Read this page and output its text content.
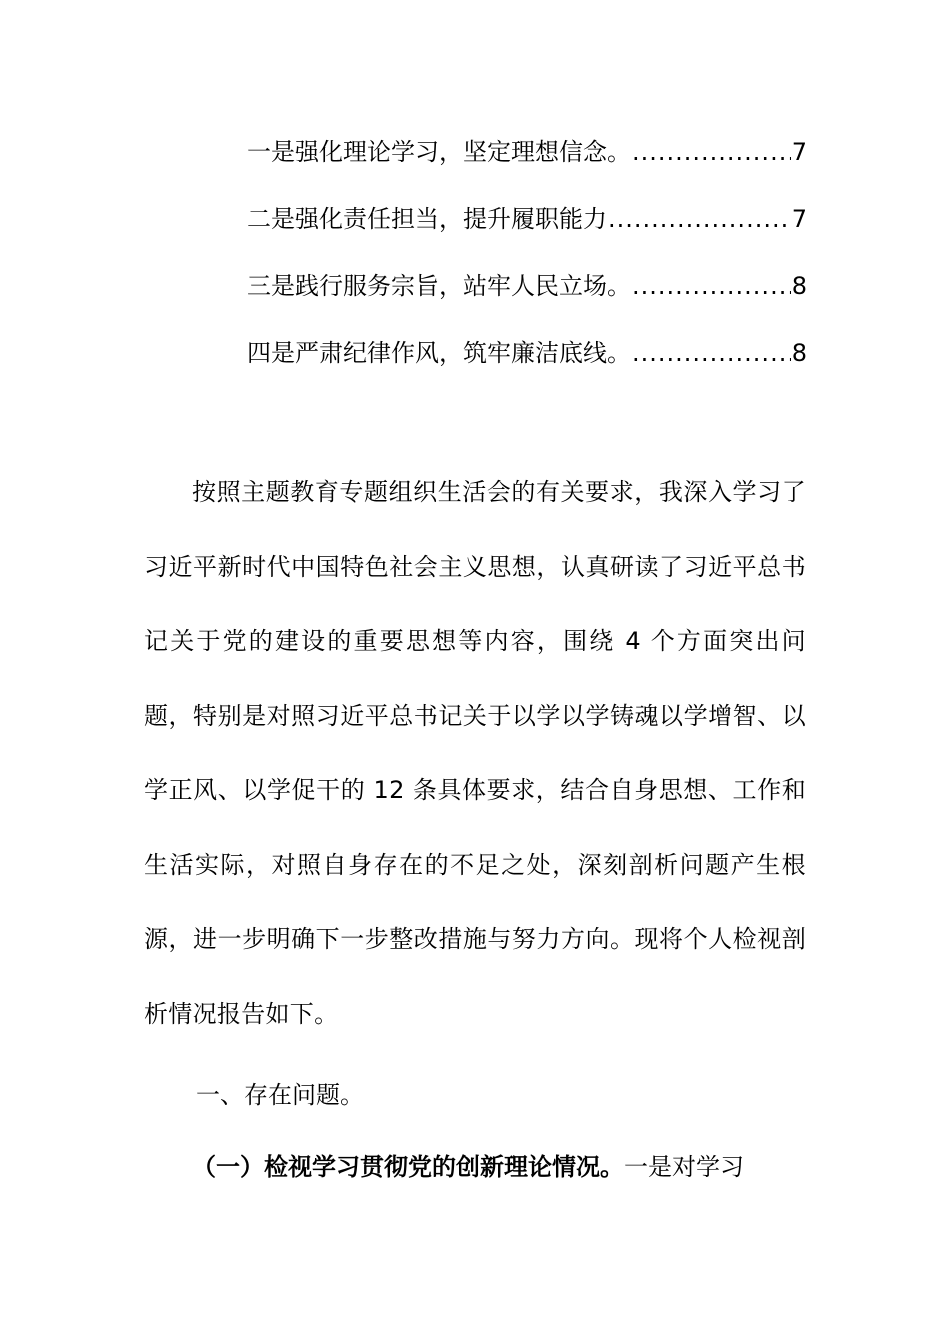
一是强化理论学习，坚定理想信念。 .....	7
二是强化责任担当，提升履职能力 .....	7
三是践行服务宗旨，站牢人民立场。 .....	8
四是严肃纪律作风，筑牢廉洁底线。 .....	8

按照主题教育专题组织生活会的有关要求，我深入学习了习近平新时代中国特色社会主义思想，认真研读了习近平总书记关于党的建设的重要思想等内容，围绕 4 个方面突出问题，特别是对照习近平总书记关于以学以学铸魂以学增智、以学正风、以学促干的 12 条具体要求，结合自身思想、工作和生活实际，对照自身存在的不足之处，深刻剖析问题产生根源，进一步明确下一步整改措施与努力方向。现将个人检视剖析情况报告如下。

一、存在问题。

（一）检视学习贯彻党的创新理论情况。一是对学习
